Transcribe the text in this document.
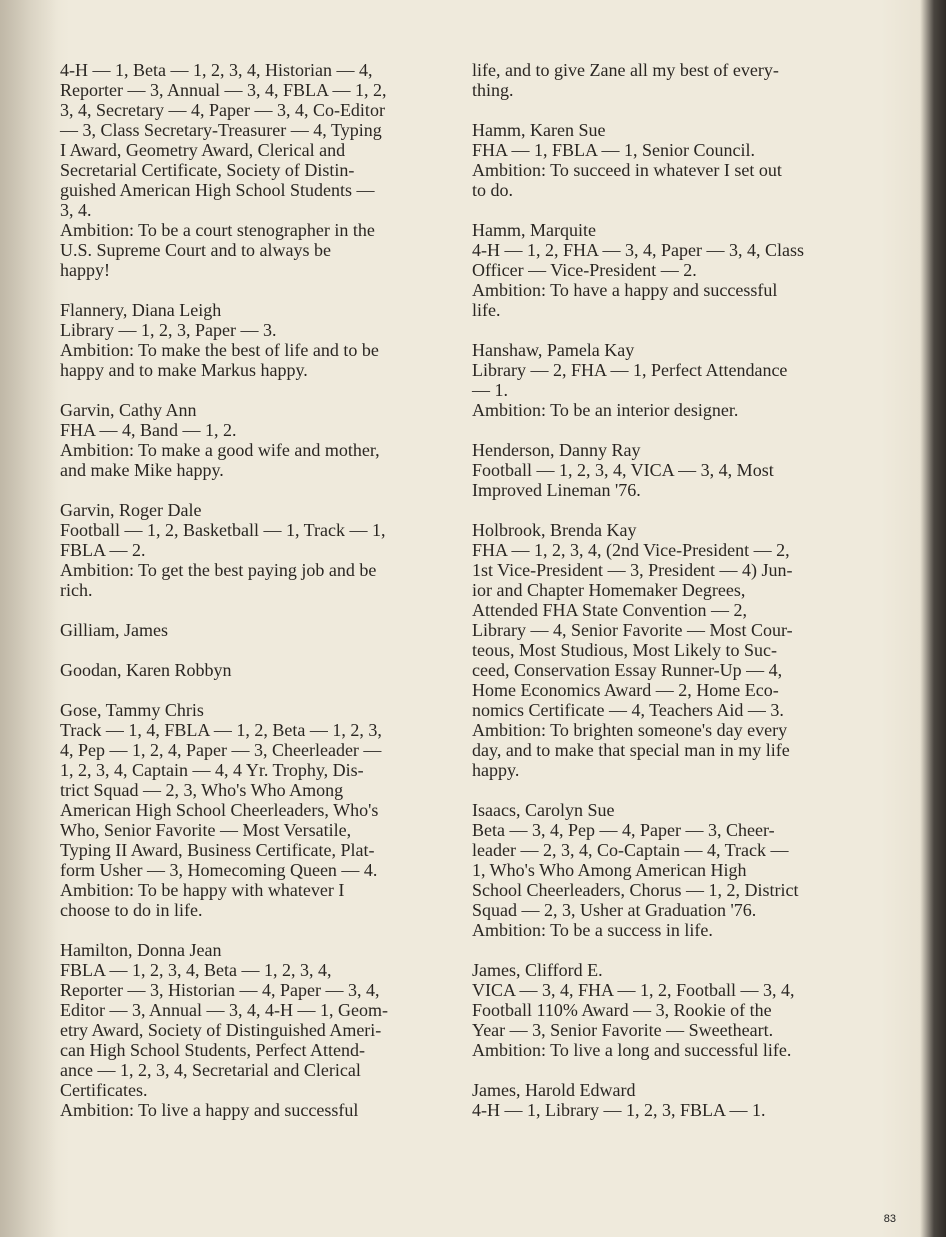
4-H — 1, Beta — 1, 2, 3, 4, Historian — 4,
Reporter — 3, Annual — 3, 4, FBLA — 1, 2,
3, 4, Secretary — 4, Paper — 3, 4, Co-Editor
— 3, Class Secretary-Treasurer — 4, Typing
I Award, Geometry Award, Clerical and
Secretarial Certificate, Society of Distin-
guished American High School Students —
3, 4.
Ambition: To be a court stenographer in the
U.S. Supreme Court and to always be
happy!
Flannery, Diana Leigh
Library — 1, 2, 3, Paper — 3.
Ambition: To make the best of life and to be
happy and to make Markus happy.
Garvin, Cathy Ann
FHA — 4, Band — 1, 2.
Ambition: To make a good wife and mother,
and make Mike happy.
Garvin, Roger Dale
Football — 1, 2, Basketball — 1, Track — 1,
FBLA — 2.
Ambition: To get the best paying job and be
rich.
Gilliam, James
Goodan, Karen Robbyn
Gose, Tammy Chris
Track — 1, 4, FBLA — 1, 2, Beta — 1, 2, 3,
4, Pep — 1, 2, 4, Paper — 3, Cheerleader —
1, 2, 3, 4, Captain — 4, 4 Yr. Trophy, Dis-
trict Squad — 2, 3, Who's Who Among
American High School Cheerleaders, Who's
Who, Senior Favorite — Most Versatile,
Typing II Award, Business Certificate, Plat-
form Usher — 3, Homecoming Queen — 4.
Ambition: To be happy with whatever I
choose to do in life.
Hamilton, Donna Jean
FBLA — 1, 2, 3, 4, Beta — 1, 2, 3, 4,
Reporter — 3, Historian — 4, Paper — 3, 4,
Editor — 3, Annual — 3, 4, 4-H — 1, Geom-
etry Award, Society of Distinguished Ameri-
can High School Students, Perfect Attend-
ance — 1, 2, 3, 4, Secretarial and Clerical
Certificates.
Ambition: To live a happy and successful
life, and to give Zane all my best of every-
thing.
Hamm, Karen Sue
FHA — 1, FBLA — 1, Senior Council.
Ambition: To succeed in whatever I set out
to do.
Hamm, Marquite
4-H — 1, 2, FHA — 3, 4, Paper — 3, 4, Class
Officer — Vice-President — 2.
Ambition: To have a happy and successful
life.
Hanshaw, Pamela Kay
Library — 2, FHA — 1, Perfect Attendance
— 1.
Ambition: To be an interior designer.
Henderson, Danny Ray
Football — 1, 2, 3, 4, VICA — 3, 4, Most
Improved Lineman '76.
Holbrook, Brenda Kay
FHA — 1, 2, 3, 4, (2nd Vice-President — 2,
1st Vice-President — 3, President — 4) Jun-
ior and Chapter Homemaker Degrees,
Attended FHA State Convention — 2,
Library — 4, Senior Favorite — Most Cour-
teous, Most Studious, Most Likely to Suc-
ceed, Conservation Essay Runner-Up — 4,
Home Economics Award — 2, Home Eco-
nomics Certificate — 4, Teachers Aid — 3.
Ambition: To brighten someone's day every
day, and to make that special man in my life
happy.
Isaacs, Carolyn Sue
Beta — 3, 4, Pep — 4, Paper — 3, Cheer-
leader — 2, 3, 4, Co-Captain — 4, Track —
1, Who's Who Among American High
School Cheerleaders, Chorus — 1, 2, District
Squad — 2, 3, Usher at Graduation '76.
Ambition: To be a success in life.
James, Clifford E.
VICA — 3, 4, FHA — 1, 2, Football — 3, 4,
Football 110% Award — 3, Rookie of the
Year — 3, Senior Favorite — Sweetheart.
Ambition: To live a long and successful life.
James, Harold Edward
4-H — 1, Library — 1, 2, 3, FBLA — 1.
83
